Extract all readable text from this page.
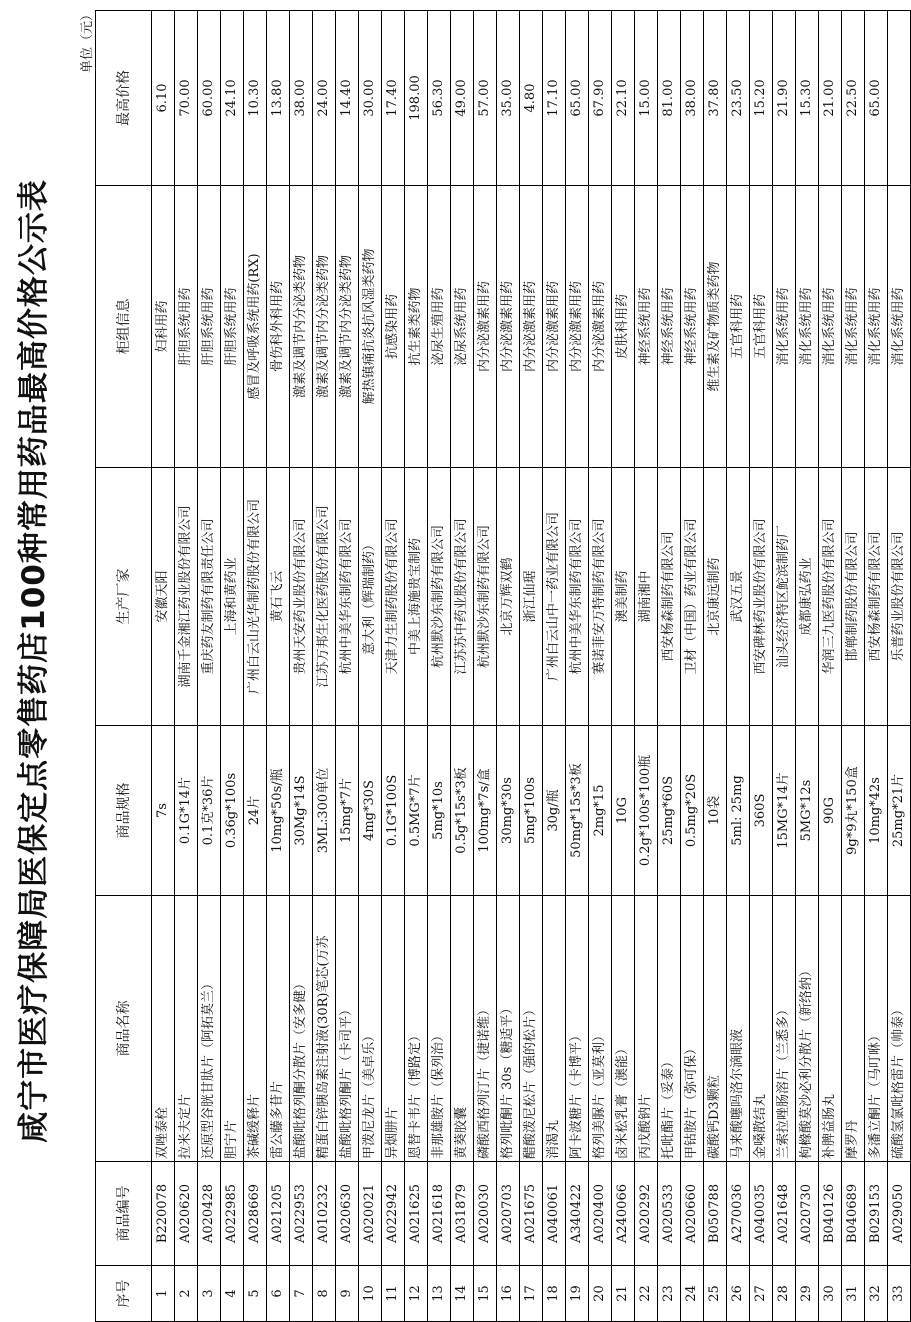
咸宁市医疗保障局医保定点零售药店100种常用药品最高价格公示表
单位（元）
序号	商品编号	商品名称	商品规格	生产厂家	柜组信息	最高价格
1	B220078	双唑泰栓	7s	安徽天阳	妇科用药	6.10
2	A020620	拉米夫定片	0.1G*14片	湖南千金湘江药业股份有限公司	肝胆系统用药	70.00
3	A020428	还原型谷胱甘肽片（阿拓莫兰）	0.1克*36片	重庆药友制药有限责任公司	肝胆系统用药	60.00
4	A022985	胆宁片	0.36g*100s	上海和黄药业	肝胆系统用药	24.10
5	A028669	茶碱缓释片	24片	广州白云山光华制药股份有限公司	感冒及呼吸系统用药(RX)	10.30
6	A021205	雷公藤多苷片	10mg*50s/瓶	黄石飞云	骨伤科外科用药	13.80
7	A022953	盐酸吡格列酮分散片（安多健）	30Mg*14S	贵州天安药业股份有限公司	激素及调节内分泌类药物	38.00
8	A010232	精蛋白锌胰岛素注射液(30R)笔芯(万苏	3ML:300单位	江苏万邦生化医药股份有限公司	激素及调节内分泌类药物	24.00
9	A020630	盐酸吡格列酮片（卡司平）	15mg*7片	杭州中美华东制药有限公司	激素及调节内分泌类药物	14.40
10	A020021	甲泼尼龙片（美卓乐）	4mg*30S	意大利（辉瑞制药）	解热镇痛抗炎抗风湿类药物	30.00
11	A022942	异烟肼片	0.1G*100S	天津力生制药股份有限公司	抗感染用药	17.40
12	A021625	恩替卡韦片（博路定）	0.5MG*7片	中美上海施贵宝制药	抗生素类药物	198.00
13	A021618	非那雄胺片（保列治）	5mg*10s	杭州默沙东制药有限公司	泌尿生殖用药	56.30
14	A031879	黄葵胶囊	0.5g*15s*3板	江苏苏中药业股份有限公司	泌尿系统用药	49.00
15	A020030	磷酸西格列汀片（捷诺维）	100mg*7s/盒	杭州默沙东制药有限公司	内分泌激素用药	57.00
16	A020703	格列吡酮片 30s（糖适平）	30mg*30s	北京万辉双鹤	内分泌激素用药	35.00
17	A021675	醋酸泼尼松片（强的松片）	5mg*100s	浙江仙琚	内分泌激素用药	4.80
18	A040061	消渴丸	30g/瓶	广州白云山中一药业有限公司	内分泌激素用药	17.10
19	A340422	阿卡波糖片（卡博平）	50mg*15s*3板	杭州中美华东制药有限公司	内分泌激素用药	65.00
20	A020400	格列美脲片（亚莫利）	2mg*15	赛诺菲安万特制药有限公司	内分泌激素用药	67.90
21	A240066	卤米松乳膏（澳能）	10G	澳美制药	皮肤科用药	22.10
22	A020292	丙戊酸钠片	0.2g*100s*100瓶	湖南湘中	神经系统用药	15.00
23	A020533	托吡酯片（妥泰）	25mg*60S	西安杨森制药有限公司	神经系统用药	81.00
24	A020660	甲钴胺片（弥可保）	0.5mg*20S	卫材（中国）药业有限公司	神经系统用药	38.00
25	B050788	碳酸钙D3颗粒	10袋	北京康远制药	维生素及矿物质类药物	37.80
26	A270036	马来酸噻吗洛尔滴眼液	5ml: 25mg	武汉五景	五官科用药	23.50
27	A040035	金嗓散结丸	360S	西安碑林药业股份有限公司	五官科用药	15.20
28	A021648	兰索拉唑肠溶片（兰悉多）	15MG*14片	汕头经济特区鮀滨制药厂	消化系统用药	21.90
29	A020730	枸橼酸莫沙必利分散片（新络纳）	5MG*12s	成都康弘药业	消化系统用药	15.30
30	B040126	补脾益肠丸	90G	华润三九医药股份有限公司	消化系统用药	21.00
31	B040689	摩罗丹	9g*9丸*150盒	邯郸制药股份有限公司	消化系统用药	22.50
32	B029153	多潘立酮片（马叮咻）	10mg*42s	西安杨森制药有限公司	消化系统用药	65.00
33	A029050	硫酸氢氯吡格雷片（帅泰）	25mg*21片	乐普药业股份有限公司	消化系统用药	
